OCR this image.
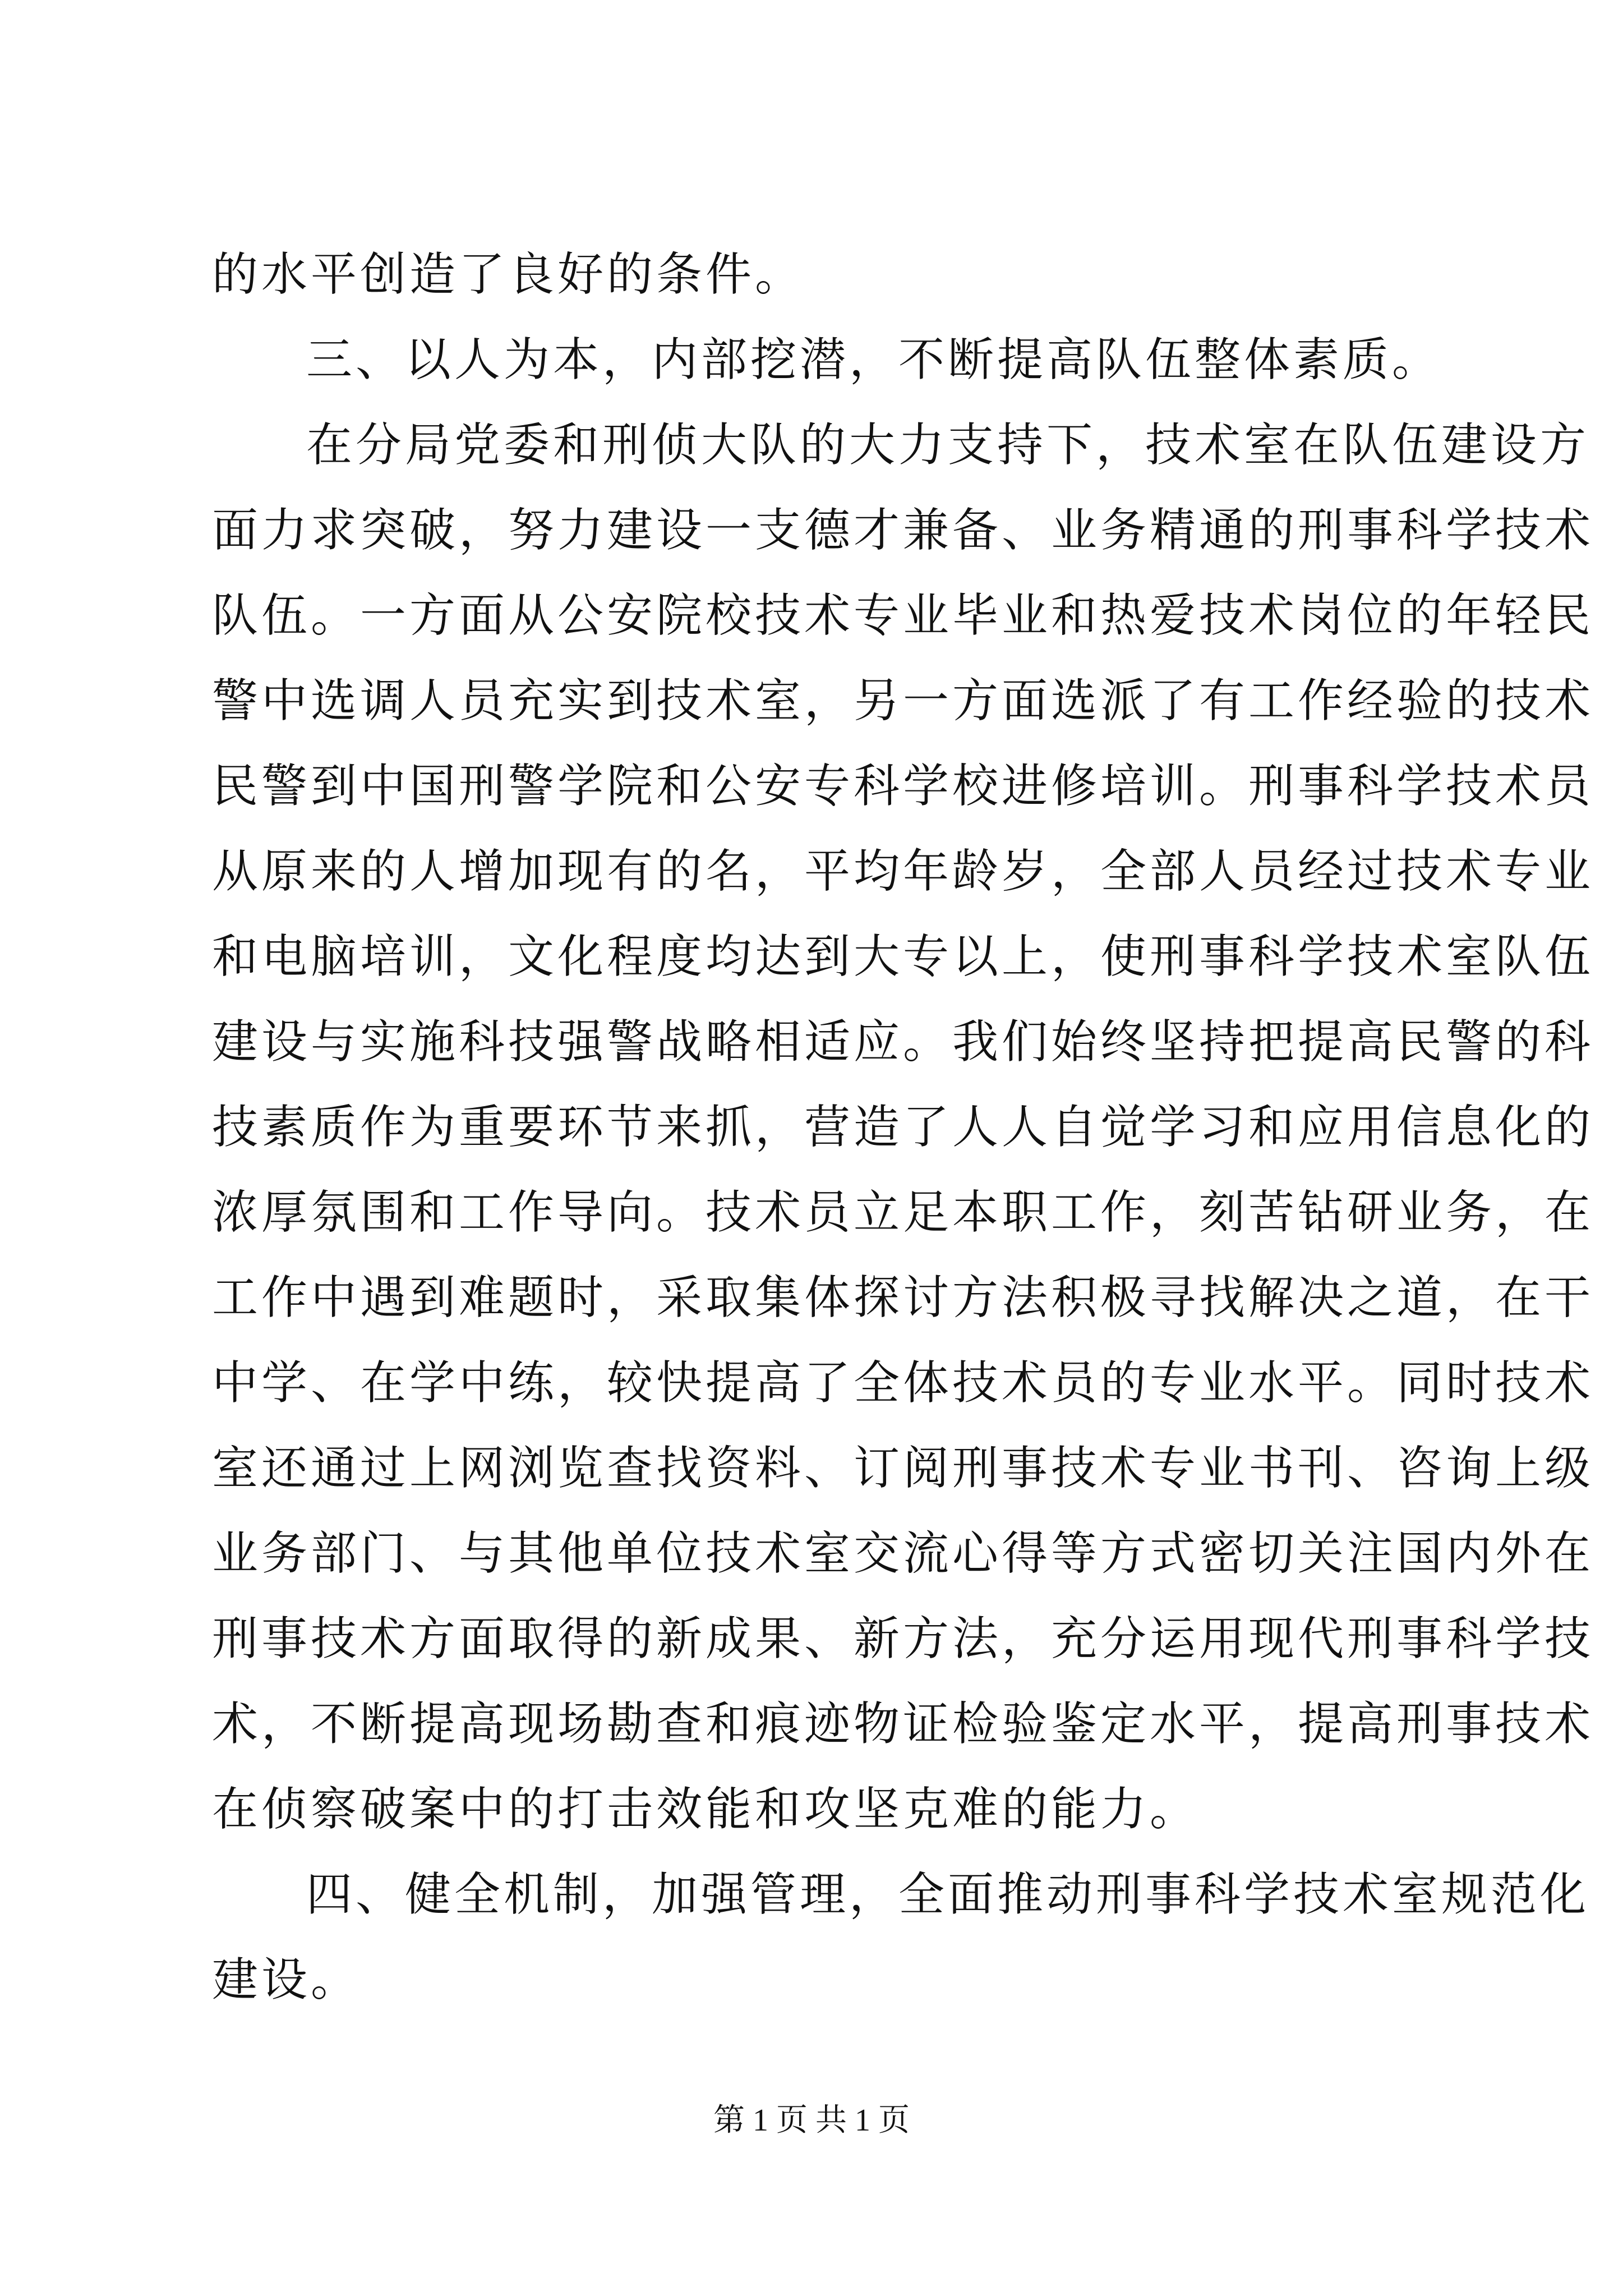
的水平创造了良好的条件。
三、以人为本，内部挖潜，不断提高队伍整体素质。
在分局党委和刑侦大队的大力支持下，技术室在队伍建设方
面力求突破，努力建设一支德才兼备、业务精通的刑事科学技术
队伍。一方面从公安院校技术专业毕业和热爱技术岗位的年轻民
警中选调人员充实到技术室，另一方面选派了有工作经验的技术
民警到中国刑警学院和公安专科学校进修培训。刑事科学技术员
从原来的人增加现有的名，平均年龄岁，全部人员经过技术专业
和电脑培训，文化程度均达到大专以上，使刑事科学技术室队伍
建设与实施科技强警战略相适应。我们始终坚持把提高民警的科
技素质作为重要环节来抓，营造了人人自觉学习和应用信息化的
浓厚氛围和工作导向。技术员立足本职工作，刻苦钻研业务，在
工作中遇到难题时，采取集体探讨方法积极寻找解决之道，在干
中学、在学中练，较快提高了全体技术员的专业水平。同时技术
室还通过上网浏览查找资料、订阅刑事技术专业书刊、咨询上级
业务部门、与其他单位技术室交流心得等方式密切关注国内外在
刑事技术方面取得的新成果、新方法，充分运用现代刑事科学技
术，不断提高现场勘查和痕迹物证检验鉴定水平，提高刑事技术
在侦察破案中的打击效能和攻坚克难的能力。
四、健全机制，加强管理，全面推动刑事科学技术室规范化
建设。
第 1 页 共 1 页
